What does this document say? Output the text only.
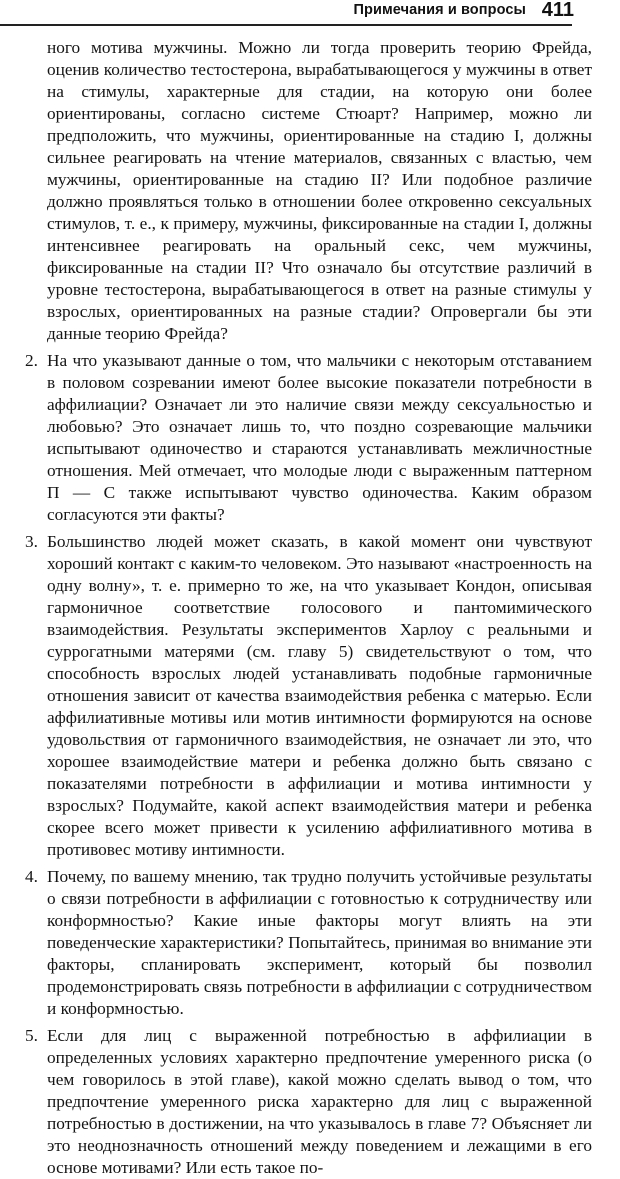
Примечания и вопросы 411

ного мотива мужчины. Можно ли тогда проверить теорию Фрейда, оценив количество тестостерона, вырабатывающегося у мужчины в ответ на стимулы, характерные для стадии, на которую они более ориентированы, согласно системе Стюарт? Например, можно ли предположить, что мужчины, ориентированные на стадию I, должны сильнее реагировать на чтение материалов, связанных с властью, чем мужчины, ориентированные на стадию II? Или подобное различие должно проявляться только в отношении более откровенно сексуальных стимулов, т. е., к примеру, мужчины, фиксированные на стадии I, должны интенсивнее реагировать на оральный секс, чем мужчины, фиксированные на стадии II? Что означало бы отсутствие различий в уровне тестостерона, вырабатывающегося в ответ на разные стимулы у взрослых, ориентированных на разные стадии? Опровергали бы эти данные теорию Фрейда?

2. На что указывают данные о том, что мальчики с некоторым отставанием в половом созревании имеют более высокие показатели потребности в аффилиации? Означает ли это наличие связи между сексуальностью и любовью? Это означает лишь то, что поздно созревающие мальчики испытывают одиночество и стараются устанавливать межличностные отношения. Мей отмечает, что молодые люди с выраженным паттерном П — С также испытывают чувство одиночества. Каким образом согласуются эти факты?
3. Большинство людей может сказать, в какой момент они чувствуют хороший контакт с каким-то человеком. Это называют «настроенность на одну волну», т. е. примерно то же, на что указывает Кондон, описывая гармоничное соответствие голосового и пантомимического взаимодействия. Результаты экспериментов Харлоу с реальными и суррогатными матерями (см. главу 5) свидетельствуют о том, что способность взрослых людей устанавливать подобные гармоничные отношения зависит от качества взаимодействия ребенка с матерью. Если аффилиативные мотивы или мотив интимности формируются на основе удовольствия от гармоничного взаимодействия, не означает ли это, что хорошее взаимодействие матери и ребенка должно быть связано с показателями потребности в аффилиации и мотива интимности у взрослых? Подумайте, какой аспект взаимодействия матери и ребенка скорее всего может привести к усилению аффилиативного мотива в противовес мотиву интимности.
4. Почему, по вашему мнению, так трудно получить устойчивые результаты о связи потребности в аффилиации с готовностью к сотрудничеству или конформностью? Какие иные факторы могут влиять на эти поведенческие характеристики? Попытайтесь, принимая во внимание эти факторы, спланировать эксперимент, который бы позволил продемонстрировать связь потребности в аффилиации с сотрудничеством и конформностью.
5. Если для лиц с выраженной потребностью в аффилиации в определенных условиях характерно предпочтение умеренного риска (о чем говорилось в этой главе), какой можно сделать вывод о том, что предпочтение умеренного риска характерно для лиц с выраженной потребностью в достижении, на что указывалось в главе 7? Объясняет ли это неоднозначность отношений между поведением и лежащими в его основе мотивами? Или есть такое по-
